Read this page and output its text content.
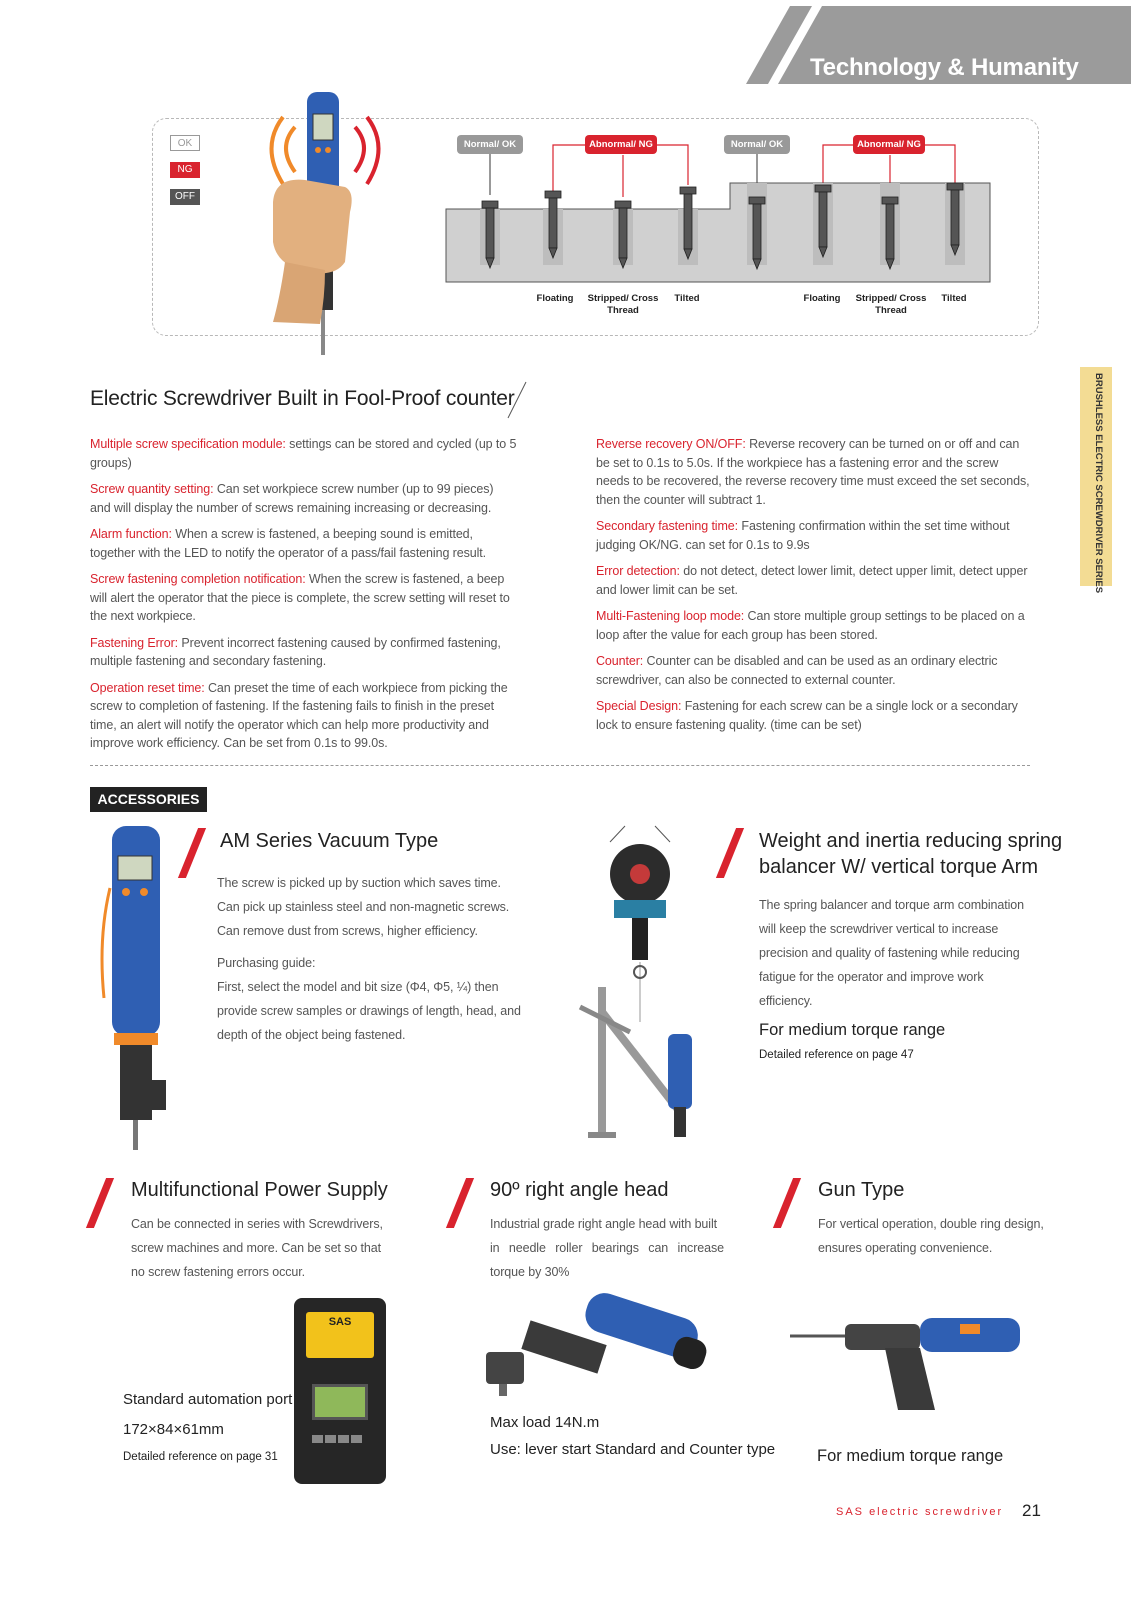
Technology & Humanity
BRUSHLESS ELECTRIC SCREWDRIVER SERIES
OK
NG
OFF
Normal/ OK	Abnormal/ NG	Normal/ OK	Abnormal/ NG
Floating	Stripped/ Cross
Thread
Tilted	Floating	Stripped/ Cross
Thread
Tilted
Electric Screwdriver Built in Fool-Proof counter

Multiple screw specification module: settings can be stored and cycled (up to 5 groups)

Screw quantity setting: Can set workpiece screw number (up to 99 pieces) and will display the number of screws remaining increasing or decreasing.

Alarm function: When a screw is fastened, a beeping sound is emitted, together with the LED to notify the operator of a pass/fail fastening result.

Screw fastening completion notification: When the screw is fastened, a beep will alert the operator that the piece is complete, the screw setting will reset to the next workpiece.

Fastening Error: Prevent incorrect fastening caused by confirmed fastening, multiple fastening and secondary fastening.

Operation reset time: Can preset the time of each workpiece from picking the screw to completion of fastening. If the fastening fails to finish in the preset time, an alert will notify the operator which can help more productivity and improve work efficiency. Can be set from 0.1s to 99.0s.

Reverse recovery ON/OFF: Reverse recovery can be turned on or off and can be set to 0.1s to 5.0s. If the workpiece has a fastening error and the screw needs to be recovered, the reverse recovery time must exceed the set seconds, then the counter will subtract 1.

Secondary fastening time: Fastening confirmation within the set time without judging OK/NG. can set for 0.1s to 9.9s

Error detection: do not detect, detect lower limit, detect upper limit, detect upper and lower limit can be set.

Multi-Fastening loop mode: Can store multiple group settings to be placed on a loop after the value for each group has been stored.

Counter: Counter can be disabled and can be used as an ordinary electric screwdriver, can also be connected to external counter.

Special Design: Fastening for each screw can be a single lock or a secondary lock to ensure fastening quality. (time can be set)

ACCESSORIES
AM Series Vacuum Type

The screw is picked up by suction which saves time.

Can pick up stainless steel and non-magnetic screws.

Can remove dust from screws, higher efficiency.

Purchasing guide:

First, select the model and bit size (Φ4, Φ5, ¼) then

provide screw samples or drawings of length, head, and

depth of the object being fastened.

Weight and inertia reducing spring
balancer W/ vertical torque Arm

The spring balancer and torque arm combination

will keep the screwdriver vertical to increase

precision and quality of fastening while reducing

fatigue for the operator and improve work

efficiency.

For medium torque range
Detailed reference on page 47
Multifunctional Power Supply

Can be connected in series with Screwdrivers,

screw machines and more. Can be set so that

no screw fastening errors occur.

Standard automation port
172×84×61mm
Detailed reference on page 31
SAS
90º right angle head

Industrial grade right angle head with built

in needle roller bearings can increase

torque by 30%

Max load 14N.m
Use: lever start Standard and Counter type
Gun Type

For vertical operation, double ring design,

ensures operating convenience.

For medium torque range
SAS electric screwdriver 21
